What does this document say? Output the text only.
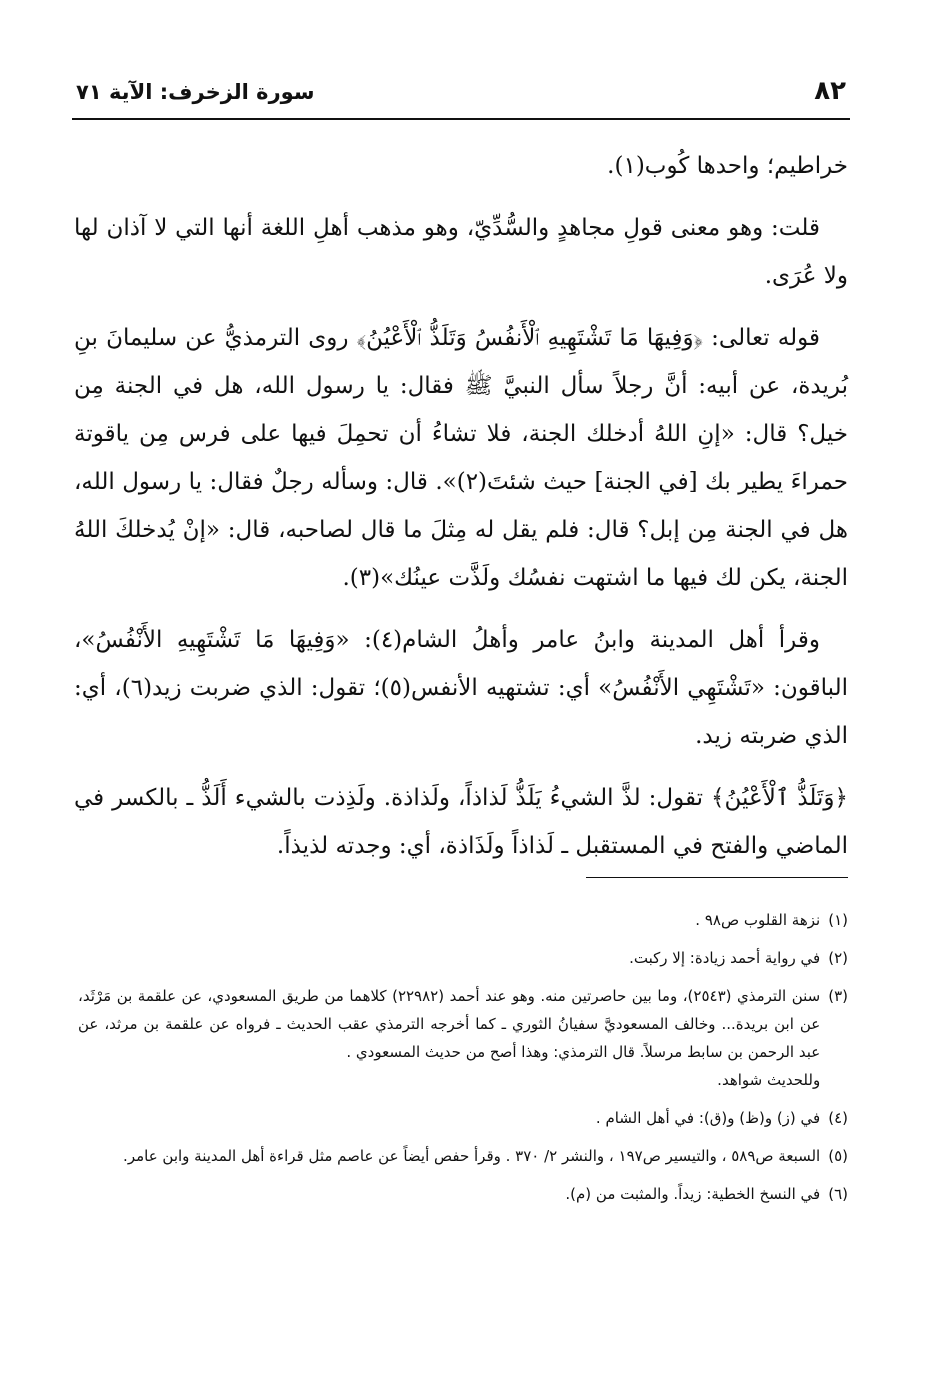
٨٢
سورة الزخرف: الآية ٧١

خراطيم؛ واحدها كُوب(١).

قلت: وهو معنى قولِ مجاهدٍ والسُّدِّيّ، وهو مذهب أهلِ اللغة أنها التي لا آذان لها ولا عُرَى.

قوله تعالى: ﴿وَفِيهَا مَا تَشْتَهِيهِ ٱلْأَنفُسُ وَتَلَذُّ ٱلْأَعْيُنُ﴾ روى الترمذيُّ عن سليمانَ بنِ بُريدة، عن أبيه: أنَّ رجلاً سأل النبيَّ ﷺ فقال: يا رسول الله، هل في الجنة مِن خيل؟ قال: «إنِ اللهُ أدخلك الجنة، فلا تشاءُ أن تحمِلَ فيها على فرس مِن ياقوتة حمراءَ يطير بك [في الجنة] حيث شئتَ(٢)». قال: وسأله رجلٌ فقال: يا رسول الله، هل في الجنة مِن إبل؟ قال: فلم يقل له مِثلَ ما قال لصاحبه، قال: «إنْ يُدخلكَ اللهُ الجنة، يكن لك فيها ما اشتهت نفسُك ولَذَّت عينُك»(٣).

وقرأ أهل المدينة وابنُ عامر وأهلُ الشام(٤): «وَفِيهَا مَا تَشْتَهِيهِ الأَنْفُسُ»، الباقون: «تَشْتَهِي الأَنْفُسُ» أي: تشتهيه الأنفس(٥)؛ تقول: الذي ضربت زيد(٦)، أي: الذي ضربته زيد.

﴿وَتَلَذُّ ٱلْأَعْيُنُ﴾ تقول: لذَّ الشيءُ يَلَذُّ لَذاذاً، ولَذاذة. ولَذِذت بالشيء أَلَذُّ ـ بالكسر في الماضي والفتح في المستقبل ـ لَذاذاً ولَذَاذة، أي: وجدته لذيذاً.

(١)
نزهة القلوب ص٩٨ .
(٢)
في رواية أحمد زيادة: إلا ركبت.
(٣)
سنن الترمذي (٢٥٤٣)، وما بين حاصرتين منه. وهو عند أحمد (٢٢٩٨٢) كلاهما من طريق المسعودي، عن علقمة بن مَرْثَد، عن ابن بريدة... وخالف المسعوديَّ سفيانُ الثوري ـ كما أخرجه الترمذي عقب الحديث ـ فرواه عن علقمة بن مرثد، عن عبد الرحمن بن سابط مرسلاً. قال الترمذي: وهذا أصح من حديث المسعودي .
وللحديث شواهد.
(٤)
في (ز) و(ظ) و(ق): في أهل الشام .
(٥)
السبعة ص٥٨٩ ، والتيسير ص١٩٧ ، والنشر ٢/ ٣٧٠ . وقرأ حفص أيضاً عن عاصم مثل قراءة أهل المدينة وابن عامر.
(٦)
في النسخ الخطية: زيداً. والمثبت من (م).
